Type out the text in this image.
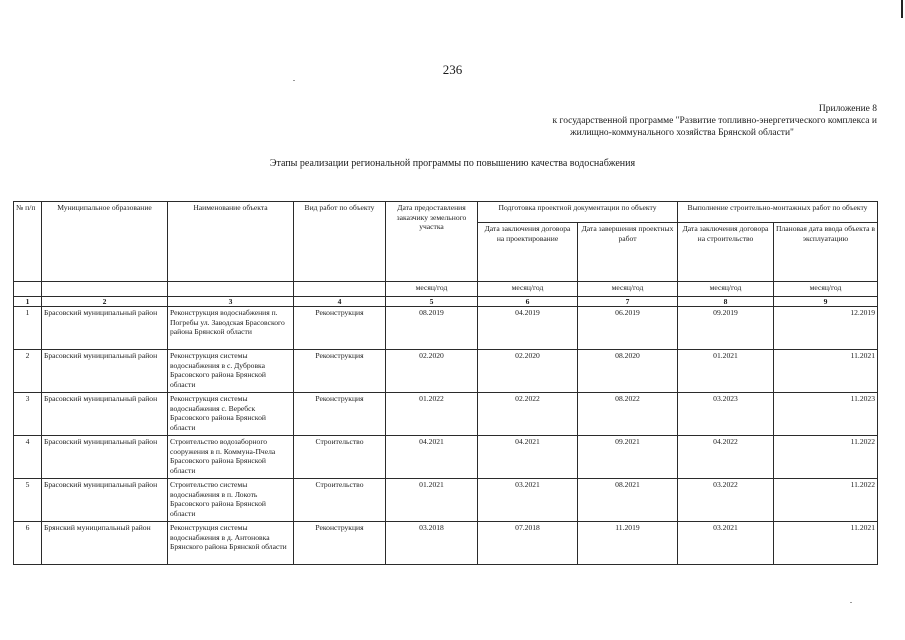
236
Приложение 8
к государственной программе "Развитие топливно-энергетического комплекса и
жилищно-коммунального хозяйства Брянской области"
Этапы реализации региональной программы по повышению качества водоснабжения
№ п/п	Муниципальное образование	Наименование объекта	Вид работ по объекту	Дата предоставления заказчику земельного участка	Подготовка проектной документации по объекту		Выполнение строительно-монтажных работ по объекту	
					Дата заключения договора на проектирование	Дата завершения проектных работ	Дата заключения договора на строительство	Плановая дата ввода объекта в эксплуатацию
				месяц/год	месяц/год	месяц/год	месяц/год	месяц/год
1	2	3	4	5	6	7	8	9
1	Брасовский муниципальный район	Реконструкция водоснабжения п. Погребы ул. Заводская Брасовского района Брянской области	Реконструкция	08.2019	04.2019	06.2019	09.2019	12.2019
2	Брасовский муниципальный район	Реконструкция системы водоснабжения в с. Дубровка Брасовского района Брянской области	Реконструкция	02.2020	02.2020	08.2020	01.2021	11.2021
3	Брасовский муниципальный район	Реконструкция системы водоснабжения с. Веребск Брасовского района Брянской области	Реконструкция	01.2022	02.2022	08.2022	03.2023	11.2023
4	Брасовский муниципальный район	Строительство водозаборного сооружения в п. Коммуна-Пчела Брасовского района Брянской области	Строительство	04.2021	04.2021	09.2021	04.2022	11.2022
5	Брасовский муниципальный район	Строительство системы водоснабжения в п. Локоть Брасовского района Брянской области	Строительство	01.2021	03.2021	08.2021	03.2022	11.2022
6	Брянский муниципальный район	Реконструкция системы водоснабжения в д. Антоновка Брянского района Брянской области	Реконструкция	03.2018	07.2018	11.2019	03.2021	11.2021
